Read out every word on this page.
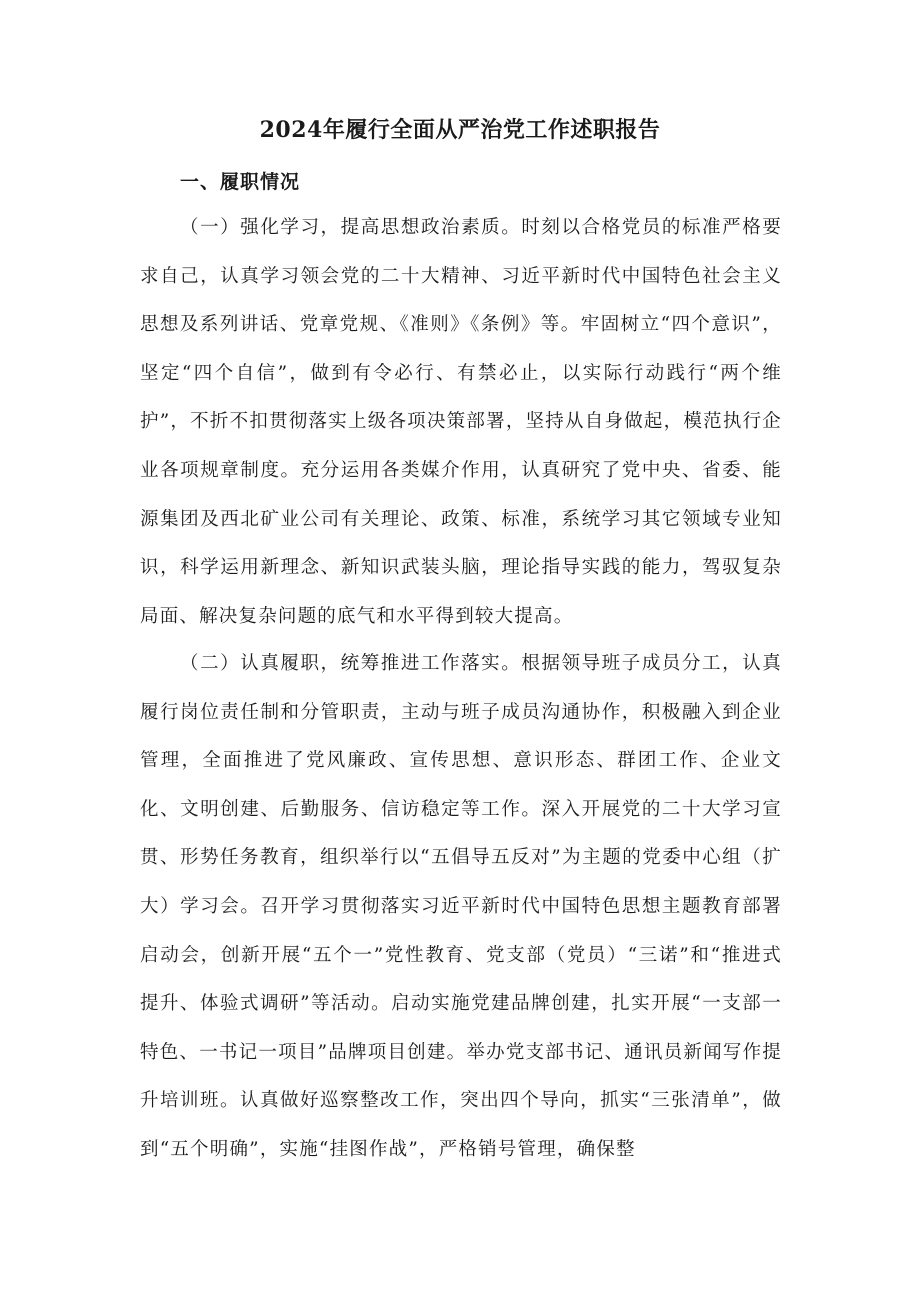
2024年履行全面从严治党工作述职报告
一、履职情况

（一）强化学习，提高思想政治素质。时刻以合格党员的标准严格要求自己，认真学习领会党的二十大精神、习近平新时代中国特色社会主义思想及系列讲话、党章党规、《准则》《条例》等。牢固树立“四个意识”，坚定“四个自信”，做到有令必行、有禁必止，以实际行动践行“两个维护”，不折不扣贯彻落实上级各项决策部署，坚持从自身做起，模范执行企业各项规章制度。充分运用各类媒介作用，认真研究了党中央、省委、能源集团及西北矿业公司有关理论、政策、标准，系统学习其它领域专业知识，科学运用新理念、新知识武装头脑，理论指导实践的能力，驾驭复杂局面、解决复杂问题的底气和水平得到较大提高。

（二）认真履职，统筹推进工作落实。根据领导班子成员分工，认真履行岗位责任制和分管职责，主动与班子成员沟通协作，积极融入到企业管理，全面推进了党风廉政、宣传思想、意识形态、群团工作、企业文化、文明创建、后勤服务、信访稳定等工作。深入开展党的二十大学习宣贯、形势任务教育，组织举行以“五倡导五反对”为主题的党委中心组（扩大）学习会。召开学习贯彻落实习近平新时代中国特色思想主题教育部署启动会，创新开展“五个一”党性教育、党支部（党员）“三诺”和“推进式提升、体验式调研”等活动。启动实施党建品牌创建，扎实开展“一支部一特色、一书记一项目”品牌项目创建。举办党支部书记、通讯员新闻写作提升培训班。认真做好巡察整改工作，突出四个导向，抓实“三张清单”，做到“五个明确”，实施“挂图作战”，严格销号管理，确保整
